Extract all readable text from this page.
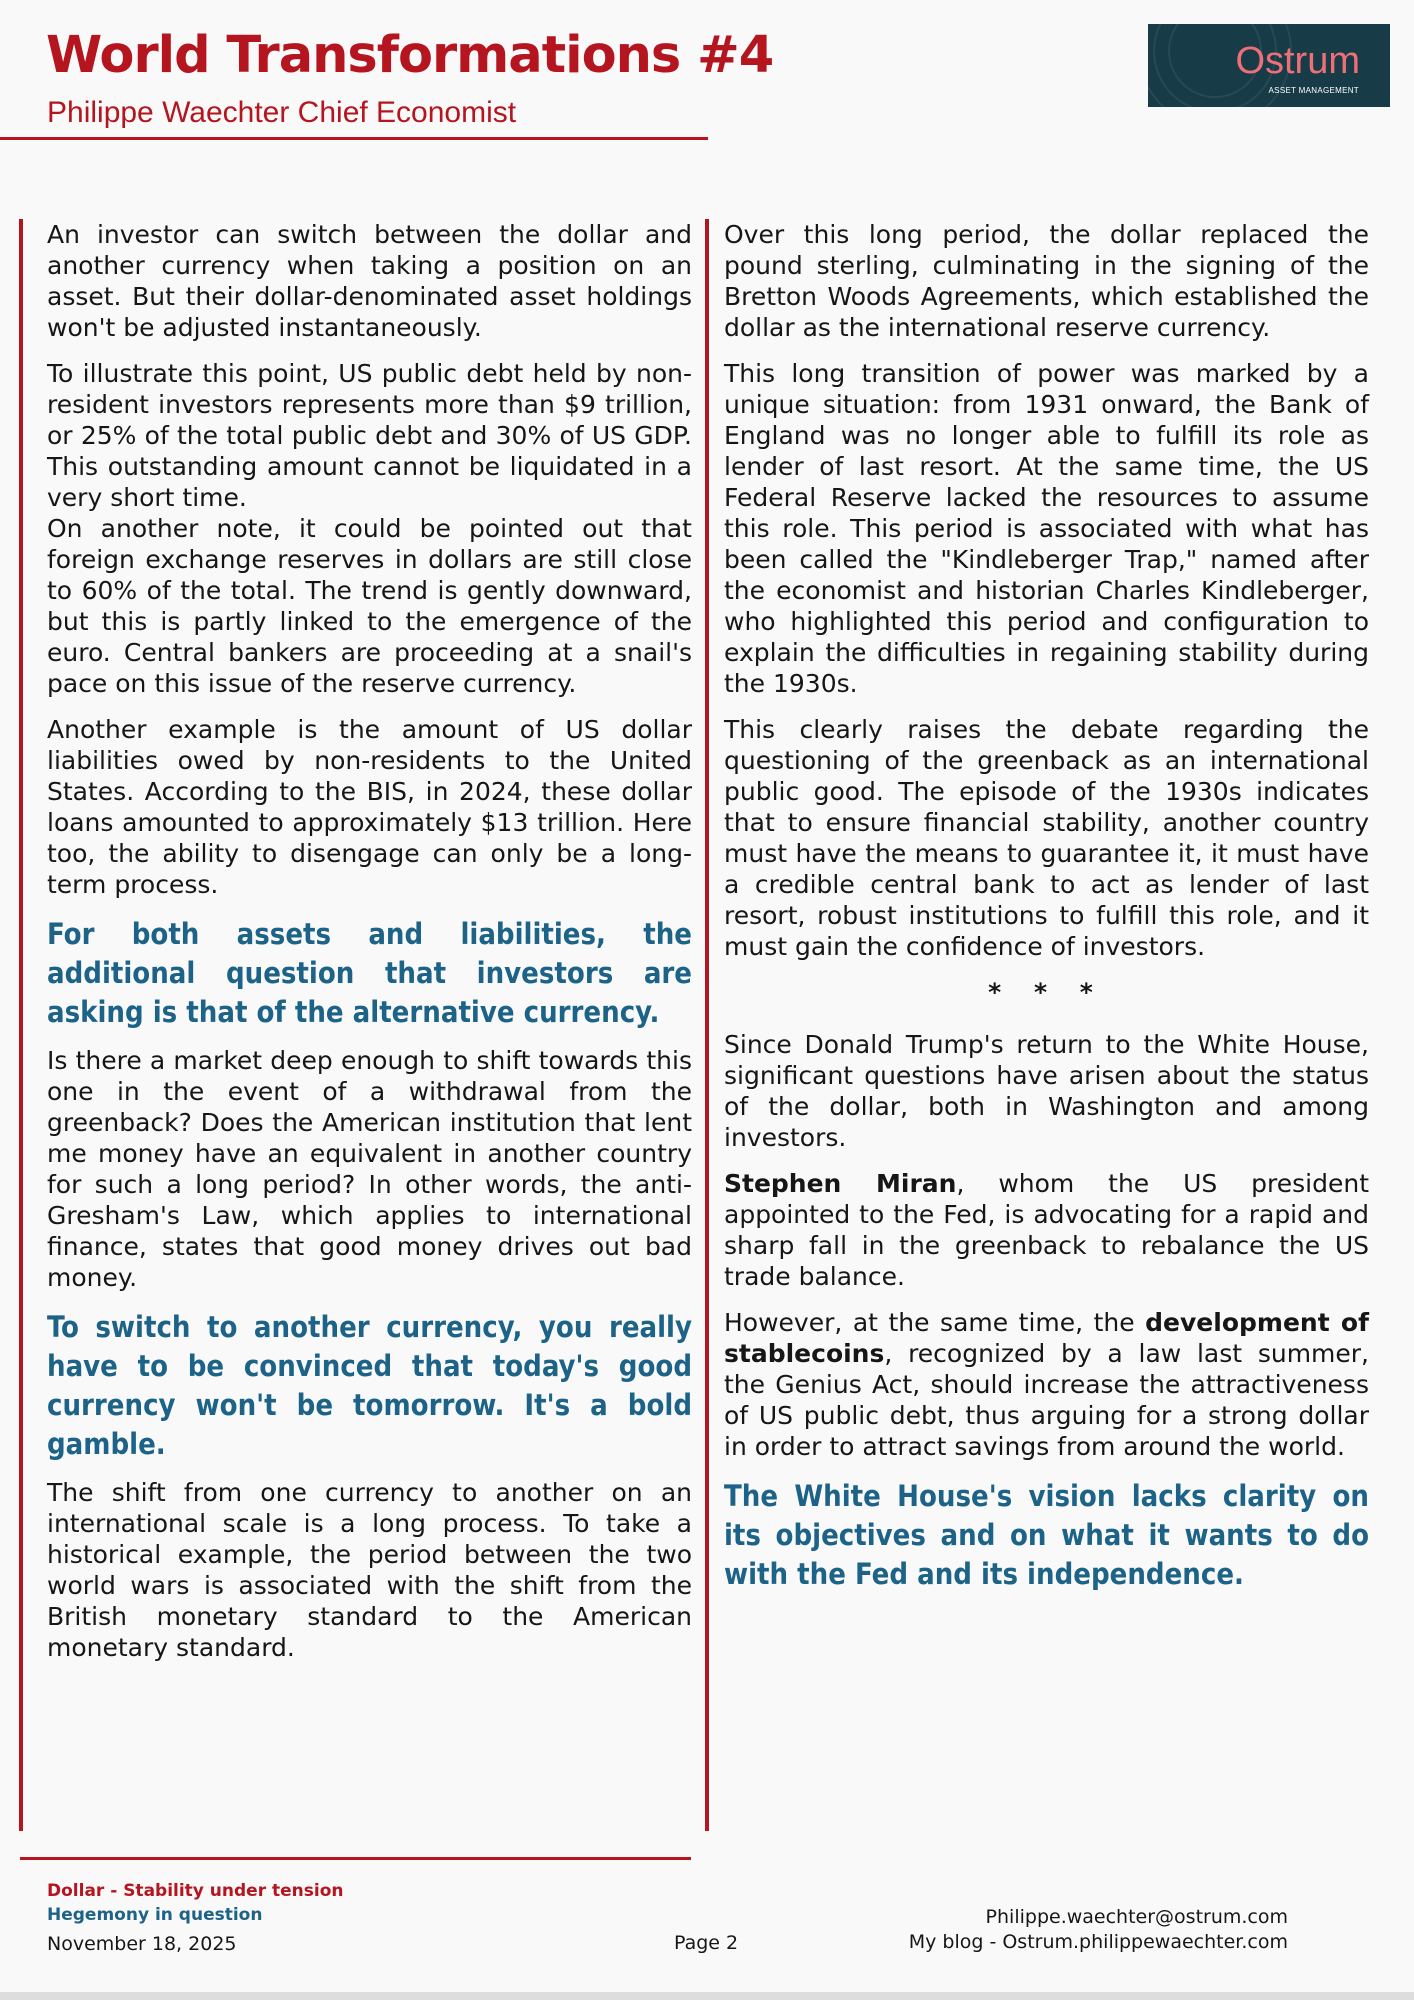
World Transformations #4
Philippe Waechter Chief Economist
Ostrum
ASSET MANAGEMENT

An investor can switch between the dollar and another currency when taking a position on an asset. But their dollar-denominated asset holdings won't be adjusted instantaneously.

To illustrate this point, US public debt held by non-resident investors represents more than $9 trillion, or 25% of the total public debt and 30% of US GDP. This outstanding amount cannot be liquidated in a very short time.

On another note, it could be pointed out that foreign exchange reserves in dollars are still close to 60% of the total. The trend is gently downward, but this is partly linked to the emergence of the euro. Central bankers are proceeding at a snail's pace on this issue of the reserve currency.

Another example is the amount of US dollar liabilities owed by non-residents to the United States. According to the BIS, in 2024, these dollar loans amounted to approximately $13 trillion. Here too, the ability to disengage can only be a long-term process.

For both assets and liabilities, the additional question that investors are asking is that of the alternative currency.

Is there a market deep enough to shift towards this one in the event of a withdrawal from the greenback? Does the American institution that lent me money have an equivalent in another country for such a long period? In other words, the anti-Gresham's Law, which applies to international finance, states that good money drives out bad money.

To switch to another currency, you really have to be convinced that today's good currency won't be tomorrow. It's a bold gamble.

The shift from one currency to another on an international scale is a long process. To take a historical example, the period between the two world wars is associated with the shift from the British monetary standard to the American monetary standard.

Over this long period, the dollar replaced the pound sterling, culminating in the signing of the Bretton Woods Agreements, which established the dollar as the international reserve currency.

This long transition of power was marked by a unique situation: from 1931 onward, the Bank of England was no longer able to fulfill its role as lender of last resort. At the same time, the US Federal Reserve lacked the resources to assume this role. This period is associated with what has been called the "Kindleberger Trap," named after the economist and historian Charles Kindleberger, who highlighted this period and configuration to explain the difficulties in regaining stability during the 1930s.

This clearly raises the debate regarding the questioning of the greenback as an international public good. The episode of the 1930s indicates that to ensure financial stability, another country must have the means to guarantee it, it must have a credible central bank to act as lender of last resort, robust institutions to fulfill this role, and it must gain the confidence of investors.

* * *

Since Donald Trump's return to the White House, significant questions have arisen about the status of the dollar, both in Washington and among investors.

Stephen Miran, whom the US president appointed to the Fed, is advocating for a rapid and sharp fall in the greenback to rebalance the US trade balance.

However, at the same time, the development of stablecoins, recognized by a law last summer, the Genius Act, should increase the attractiveness of US public debt, thus arguing for a strong dollar in order to attract savings from around the world.

The White House's vision lacks clarity on its objectives and on what it wants to do with the Fed and its independence.
Dollar - Stability under tension
Hegemony in question
November 18, 2025	Page 2
Philippe.waechter@ostrum.com
My blog - Ostrum.philippewaechter.com
